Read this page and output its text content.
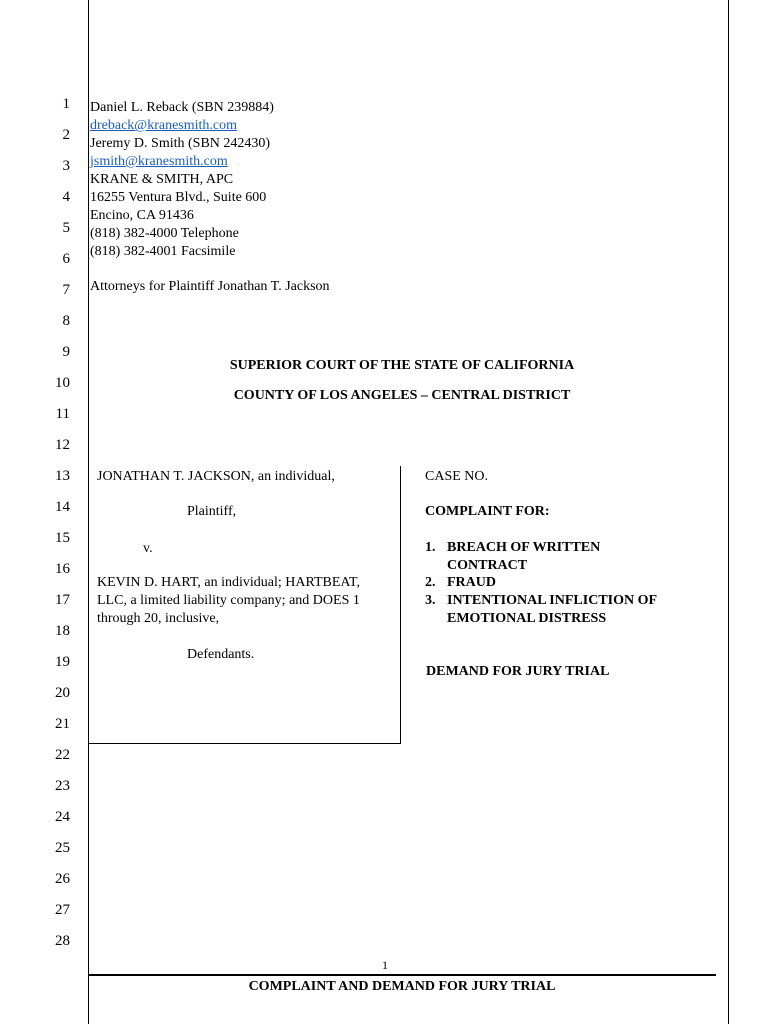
1
2
3
4
5
6
7
8
9
10
11
12
13
14
15
16
17
18
19
20
21
22
23
24
25
26
27
28
Daniel L. Reback (SBN 239884)
dreback@kranesmith.com
Jeremy D. Smith (SBN 242430)
jsmith@kranesmith.com
KRANE & SMITH, APC
16255 Ventura Blvd., Suite 600
Encino, CA 91436
(818) 382-4000 Telephone
(818) 382-4001 Facsimile
Attorneys for Plaintiff Jonathan T. Jackson
SUPERIOR COURT OF THE STATE OF CALIFORNIA
COUNTY OF LOS ANGELES – CENTRAL DISTRICT
JONATHAN T. JACKSON, an individual,
Plaintiff,
v.
KEVIN D. HART, an individual; HARTBEAT,
LLC, a limited liability company; and DOES 1
through 20, inclusive,
Defendants.
CASE NO.
COMPLAINT FOR:
1. BREACH OF WRITTEN CONTRACT
2. FRAUD
3. INTENTIONAL INFLICTION OF EMOTIONAL DISTRESS
DEMAND FOR JURY TRIAL
1
COMPLAINT AND DEMAND FOR JURY TRIAL
